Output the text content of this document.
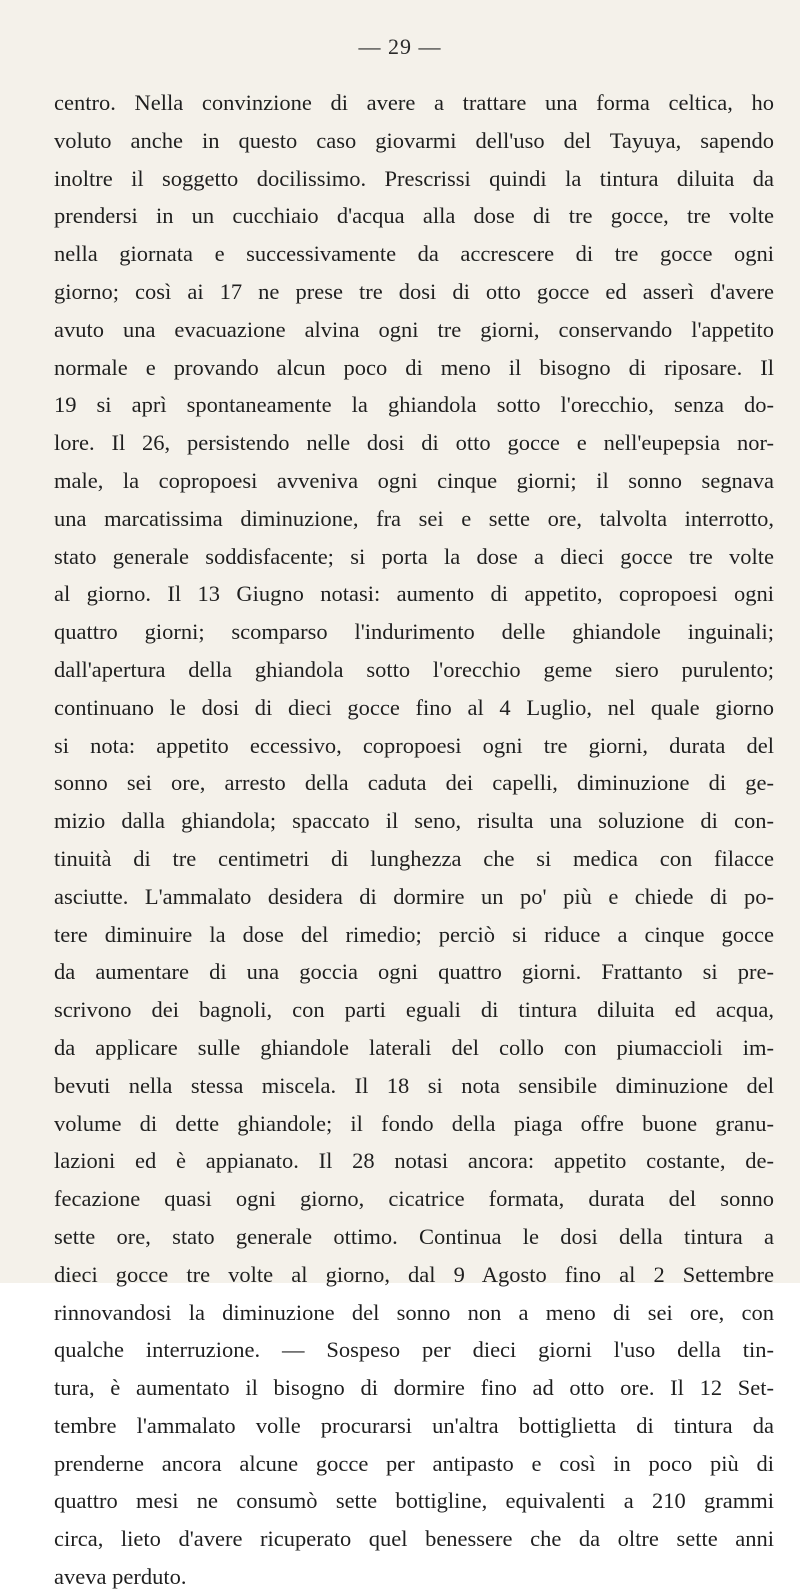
— 29 —
centro. Nella convinzione di avere a trattare una forma celtica, ho
voluto anche in questo caso giovarmi dell'uso del Tayuya, sapendo
inoltre il soggetto docilissimo. Prescrissi quindi la tintura diluita da
prendersi in un cucchiaio d'acqua alla dose di tre gocce, tre volte
nella giornata e successivamente da accrescere di tre gocce ogni
giorno; così ai 17 ne prese tre dosi di otto gocce ed asserì d'avere
avuto una evacuazione alvina ogni tre giorni, conservando l'appetito
normale e provando alcun poco di meno il bisogno di riposare. Il
19 si aprì spontaneamente la ghiandola sotto l'orecchio, senza do-
lore. Il 26, persistendo nelle dosi di otto gocce e nell'eupepsia nor-
male, la copropoesi avveniva ogni cinque giorni; il sonno segnava
una marcatissima diminuzione, fra sei e sette ore, talvolta interrotto,
stato generale soddisfacente; si porta la dose a dieci gocce tre volte
al giorno. Il 13 Giugno notasi: aumento di appetito, copropoesi ogni
quattro giorni; scomparso l'indurimento delle ghiandole inguinali;
dall'apertura della ghiandola sotto l'orecchio geme siero purulento;
continuano le dosi di dieci gocce fino al 4 Luglio, nel quale giorno
si nota: appetito eccessivo, copropoesi ogni tre giorni, durata del
sonno sei ore, arresto della caduta dei capelli, diminuzione di ge-
mizio dalla ghiandola; spaccato il seno, risulta una soluzione di con-
tinuità di tre centimetri di lunghezza che si medica con filacce
asciutte. L'ammalato desidera di dormire un po' più e chiede di po-
tere diminuire la dose del rimedio; perciò si riduce a cinque gocce
da aumentare di una goccia ogni quattro giorni. Frattanto si pre-
scrivono dei bagnoli, con parti eguali di tintura diluita ed acqua,
da applicare sulle ghiandole laterali del collo con piumaccioli im-
bevuti nella stessa miscela. Il 18 si nota sensibile diminuzione del
volume di dette ghiandole; il fondo della piaga offre buone granu-
lazioni ed è appianato. Il 28 notasi ancora: appetito costante, de-
fecazione quasi ogni giorno, cicatrice formata, durata del sonno
sette ore, stato generale ottimo. Continua le dosi della tintura a
dieci gocce tre volte al giorno, dal 9 Agosto fino al 2 Settembre
rinnovandosi la diminuzione del sonno non a meno di sei ore, con
qualche interruzione. — Sospeso per dieci giorni l'uso della tin-
tura, è aumentato il bisogno di dormire fino ad otto ore. Il 12 Set-
tembre l'ammalato volle procurarsi un'altra bottiglietta di tintura da
prenderne ancora alcune gocce per antipasto e così in poco più di
quattro mesi ne consumò sette bottigline, equivalenti a 210 grammi
circa, lieto d'avere ricuperato quel benessere che da oltre sette anni
aveva perduto.
